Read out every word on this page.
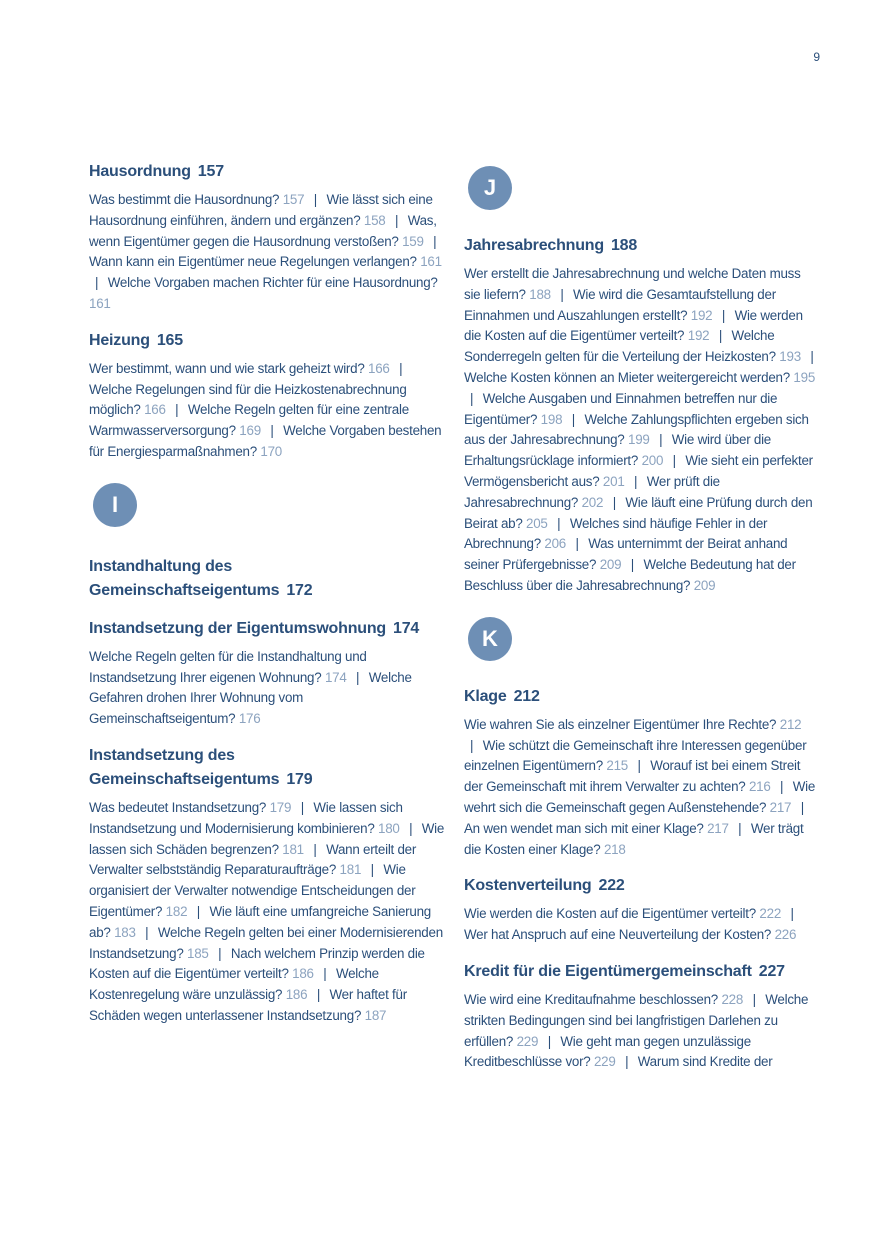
9
Hausordnung 157

Was bestimmt die Hausordnung? 157 | Wie lässt sich eine Hausordnung einführen, ändern und ergänzen? 158 | Was, wenn Eigentümer gegen die Hausordnung verstoßen? 159 | Wann kann ein Eigentümer neue Regelungen verlangen? 161 | Welche Vorgaben machen Richter für eine Hausordnung? 161

Heizung 165

Wer bestimmt, wann und wie stark geheizt wird? 166 | Welche Regelungen sind für die Heizkostenabrechnung möglich? 166 | Welche Regeln gelten für eine zentrale Warmwasserversorgung? 169 | Welche Vorgaben bestehen für Energiesparmaßnahmen? 170

I
Instandhaltung des Gemeinschaftseigentums 172
Instandsetzung der Eigentumswohnung 174

Welche Regeln gelten für die Instandhaltung und Instandsetzung Ihrer eigenen Wohnung? 174 | Welche Gefahren drohen Ihrer Wohnung vom Gemeinschaftseigentum? 176

Instandsetzung des Gemeinschaftseigentums 179

Was bedeutet Instandsetzung? 179 | Wie lassen sich Instandsetzung und Modernisierung kombinieren? 180 | Wie lassen sich Schäden begrenzen? 181 | Wann erteilt der Verwalter selbstständig Reparaturaufträge? 181 | Wie organisiert der Verwalter notwendige Entscheidungen der Eigentümer? 182 | Wie läuft eine umfangreiche Sanierung ab? 183 | Welche Regeln gelten bei einer Modernisierenden Instandsetzung? 185 | Nach welchem Prinzip werden die Kosten auf die Eigentümer verteilt? 186 | Welche Kostenregelung wäre unzulässig? 186 | Wer haftet für Schäden wegen unterlassener Instandsetzung? 187

J
Jahresabrechnung 188

Wer erstellt die Jahresabrechnung und welche Daten muss sie liefern? 188 | Wie wird die Gesamtaufstellung der Einnahmen und Auszahlungen erstellt? 192 | Wie werden die Kosten auf die Eigentümer verteilt? 192 | Welche Sonderregeln gelten für die Verteilung der Heizkosten? 193 | Welche Kosten können an Mieter weitergereicht werden? 195 | Welche Ausgaben und Einnahmen betreffen nur die Eigentümer? 198 | Welche Zahlungspflichten ergeben sich aus der Jahresabrechnung? 199 | Wie wird über die Erhaltungsrücklage informiert? 200 | Wie sieht ein perfekter Vermögensbericht aus? 201 | Wer prüft die Jahresabrechnung? 202 | Wie läuft eine Prüfung durch den Beirat ab? 205 | Welches sind häufige Fehler in der Abrechnung? 206 | Was unternimmt der Beirat anhand seiner Prüfergebnisse? 209 | Welche Bedeutung hat der Beschluss über die Jahresabrechnung? 209

K
Klage 212

Wie wahren Sie als einzelner Eigentümer Ihre Rechte? 212 | Wie schützt die Gemeinschaft ihre Interessen gegenüber einzelnen Eigentümern? 215 | Worauf ist bei einem Streit der Gemeinschaft mit ihrem Verwalter zu achten? 216 | Wie wehrt sich die Gemeinschaft gegen Außenstehende? 217 | An wen wendet man sich mit einer Klage? 217 | Wer trägt die Kosten einer Klage? 218

Kostenverteilung 222

Wie werden die Kosten auf die Eigentümer verteilt? 222 | Wer hat Anspruch auf eine Neuverteilung der Kosten? 226

Kredit für die Eigentümergemeinschaft 227

Wie wird eine Kreditaufnahme beschlossen? 228 | Welche strikten Bedingungen sind bei langfristigen Darlehen zu erfüllen? 229 | Wie geht man gegen unzulässige Kreditbeschlüsse vor? 229 | Warum sind Kredite der
